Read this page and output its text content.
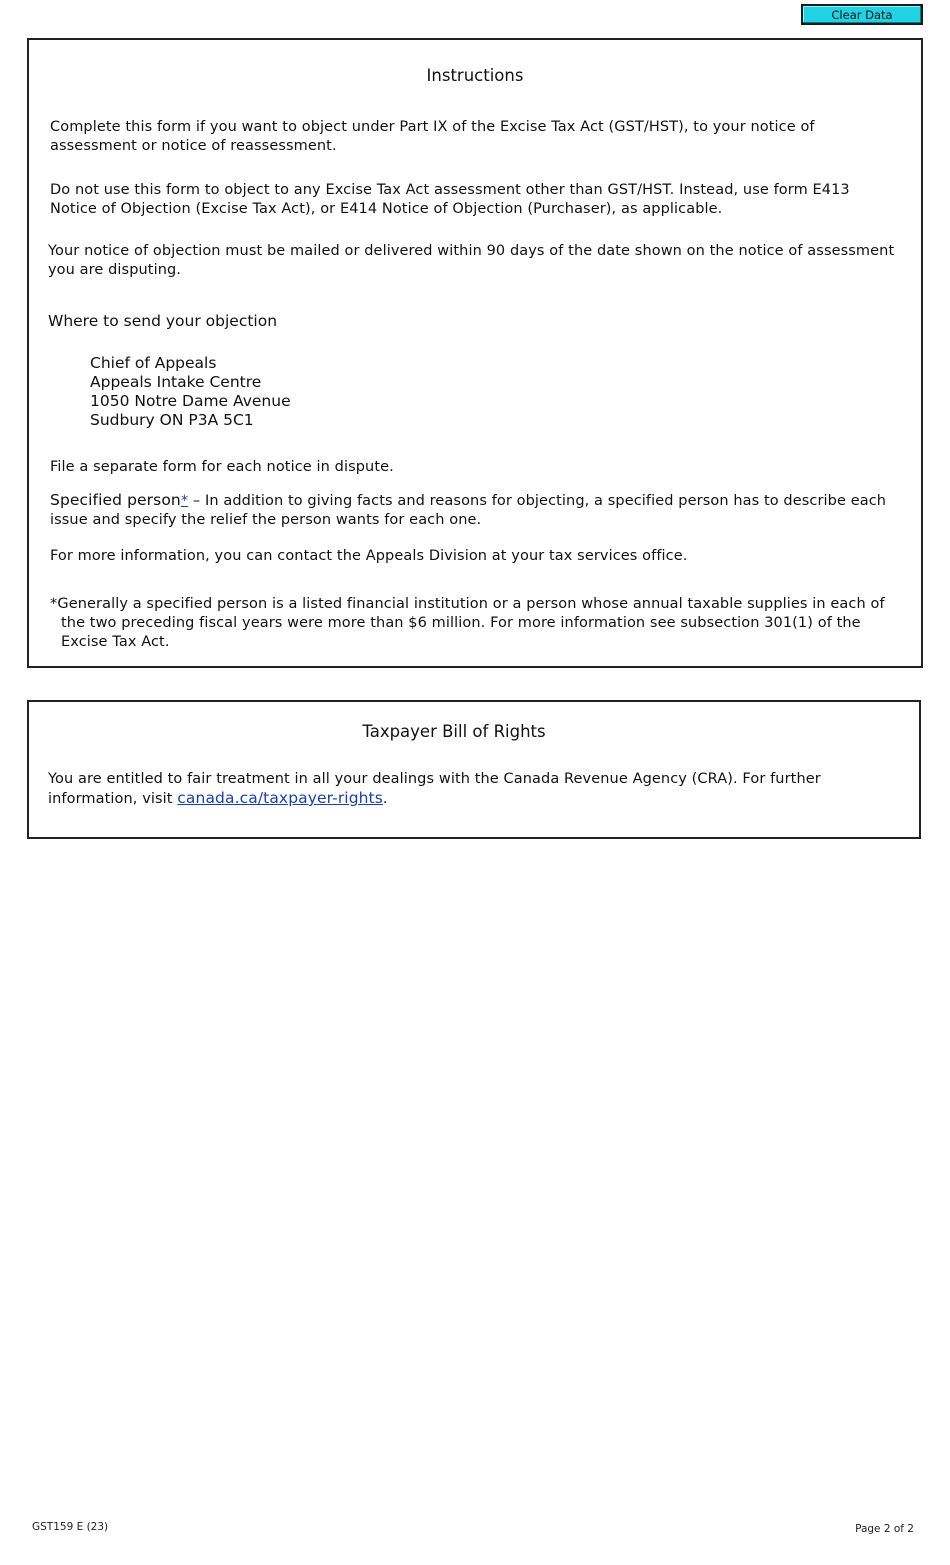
Clear Data
Instructions
Complete this form if you want to object under Part IX of the Excise Tax Act (GST/HST), to your notice of assessment or notice of reassessment.
Do not use this form to object to any Excise Tax Act assessment other than GST/HST. Instead, use form E413 Notice of Objection (Excise Tax Act), or E414 Notice of Objection (Purchaser), as applicable.
Your notice of objection must be mailed or delivered within 90 days of the date shown on the notice of assessment you are disputing.
Where to send your objection
Chief of Appeals
Appeals Intake Centre
1050 Notre Dame Avenue
Sudbury ON P3A 5C1
File a separate form for each notice in dispute.
Specified person* – In addition to giving facts and reasons for objecting, a specified person has to describe each issue and specify the relief the person wants for each one.
For more information, you can contact the Appeals Division at your tax services office.
*Generally a specified person is a listed financial institution or a person whose annual taxable supplies in each of the two preceding fiscal years were more than $6 million. For more information see subsection 301(1) of the Excise Tax Act.
Taxpayer Bill of Rights
You are entitled to fair treatment in all your dealings with the Canada Revenue Agency (CRA). For further information, visit canada.ca/taxpayer-rights.
GST159 E (23)	Page 2 of 2
